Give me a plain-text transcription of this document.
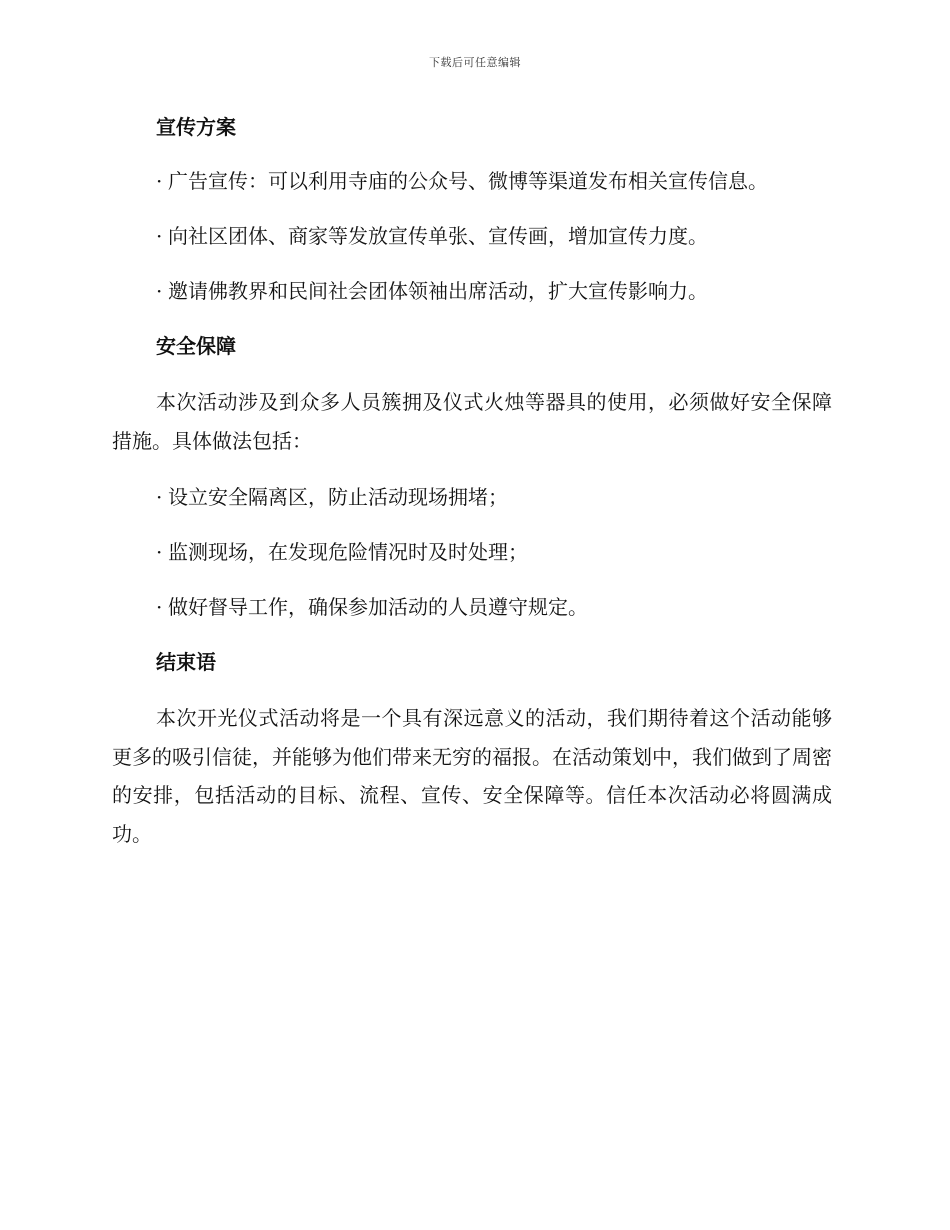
下载后可任意编辑
宣传方案
· 广告宣传：可以利用寺庙的公众号、微博等渠道发布相关宣传信息。
· 向社区团体、商家等发放宣传单张、宣传画，增加宣传力度。
· 邀请佛教界和民间社会团体领袖出席活动，扩大宣传影响力。
安全保障

本次活动涉及到众多人员簇拥及仪式火烛等器具的使用，必须做好安全保障措施。具体做法包括：

· 设立安全隔离区，防止活动现场拥堵；
· 监测现场，在发现危险情况时及时处理；
· 做好督导工作，确保参加活动的人员遵守规定。
结束语

本次开光仪式活动将是一个具有深远意义的活动，我们期待着这个活动能够更多的吸引信徒，并能够为他们带来无穷的福报。在活动策划中，我们做到了周密的安排，包括活动的目标、流程、宣传、安全保障等。信任本次活动必将圆满成功。
